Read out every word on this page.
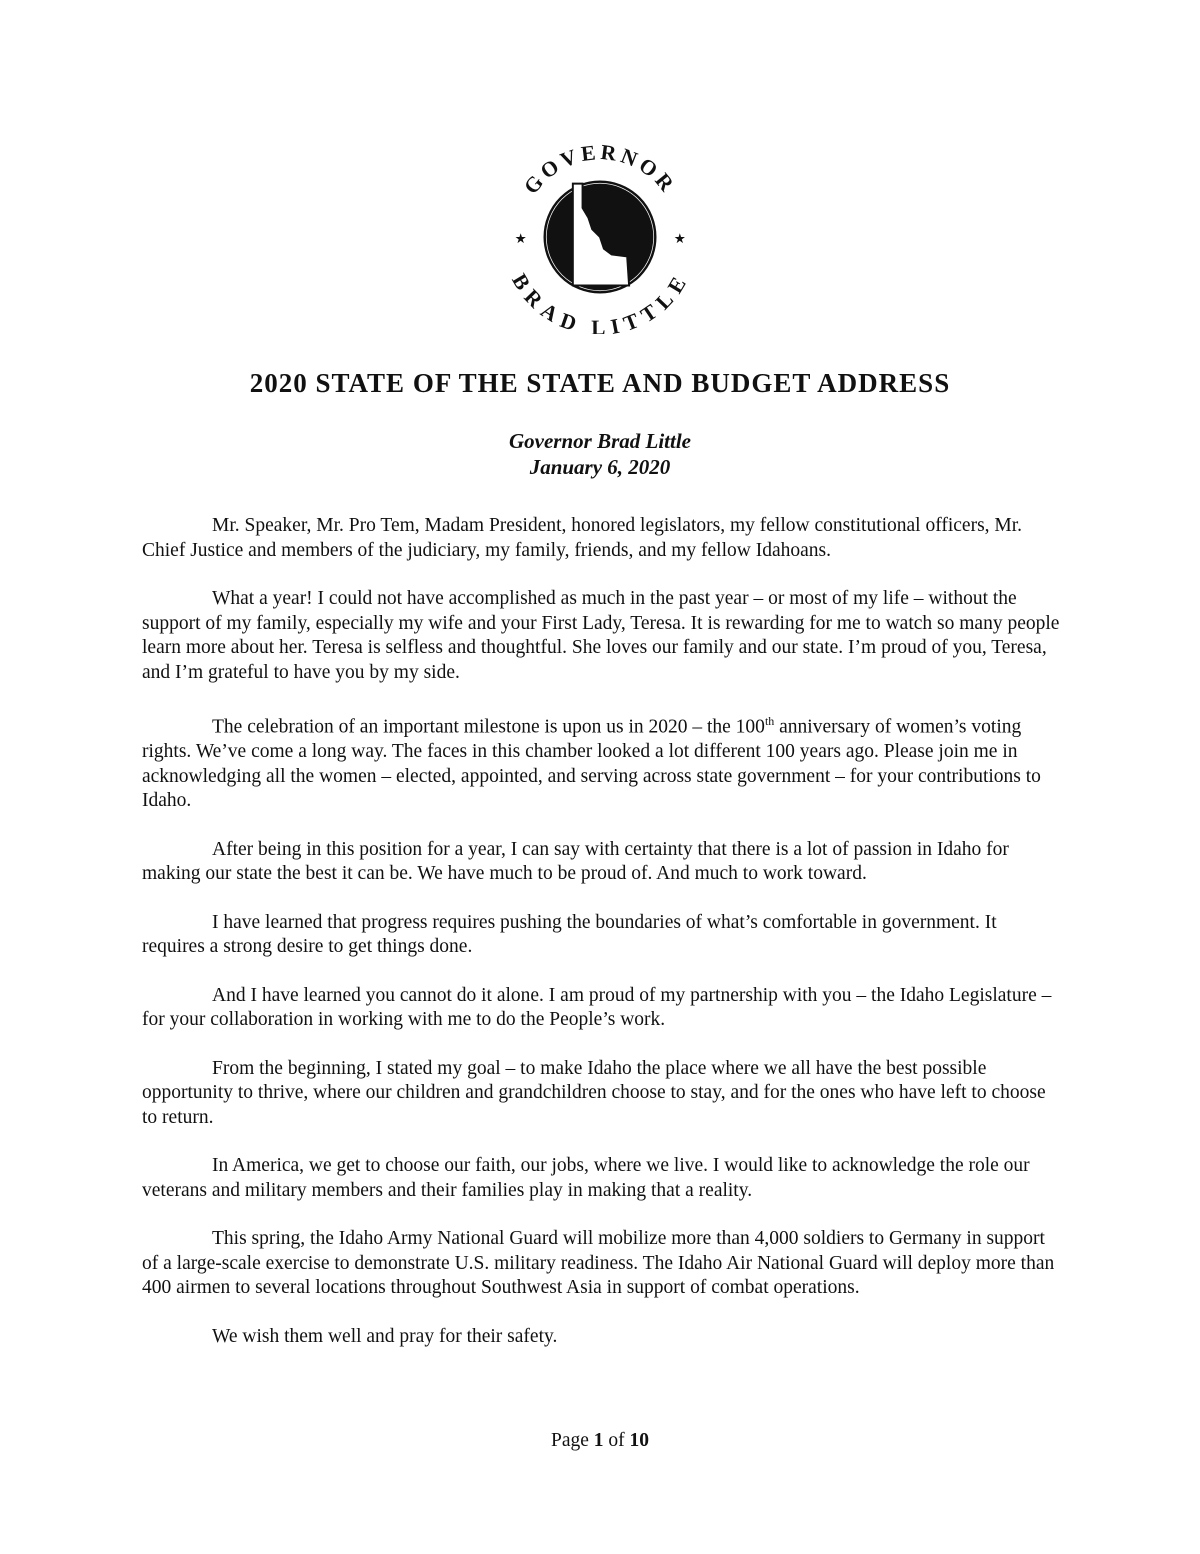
GOVERNOR
BRAD LITTLE
★	★
2020 STATE OF THE STATE AND BUDGET ADDRESS

Governor Brad Little

January 6, 2020

Mr. Speaker, Mr. Pro Tem, Madam President, honored legislators, my fellow constitutional officers, Mr. Chief Justice and members of the judiciary, my family, friends, and my fellow Idahoans.

What a year! I could not have accomplished as much in the past year – or most of my life – without the support of my family, especially my wife and your First Lady, Teresa. It is rewarding for me to watch so many people learn more about her. Teresa is selfless and thoughtful. She loves our family and our state. I’m proud of you, Teresa, and I’m grateful to have you by my side.

The celebration of an important milestone is upon us in 2020 – the 100th anniversary of women’s voting rights. We’ve come a long way. The faces in this chamber looked a lot different 100 years ago. Please join me in acknowledging all the women – elected, appointed, and serving across state government – for your contributions to Idaho.

After being in this position for a year, I can say with certainty that there is a lot of passion in Idaho for making our state the best it can be. We have much to be proud of. And much to work toward.

I have learned that progress requires pushing the boundaries of what’s comfortable in government. It requires a strong desire to get things done.

And I have learned you cannot do it alone. I am proud of my partnership with you – the Idaho Legislature – for your collaboration in working with me to do the People’s work.

From the beginning, I stated my goal – to make Idaho the place where we all have the best possible opportunity to thrive, where our children and grandchildren choose to stay, and for the ones who have left to choose to return.

In America, we get to choose our faith, our jobs, where we live. I would like to acknowledge the role our veterans and military members and their families play in making that a reality.

This spring, the Idaho Army National Guard will mobilize more than 4,000 soldiers to Germany in support of a large-scale exercise to demonstrate U.S. military readiness. The Idaho Air National Guard will deploy more than 400 airmen to several locations throughout Southwest Asia in support of combat operations.

We wish them well and pray for their safety.

Page 1 of 10
